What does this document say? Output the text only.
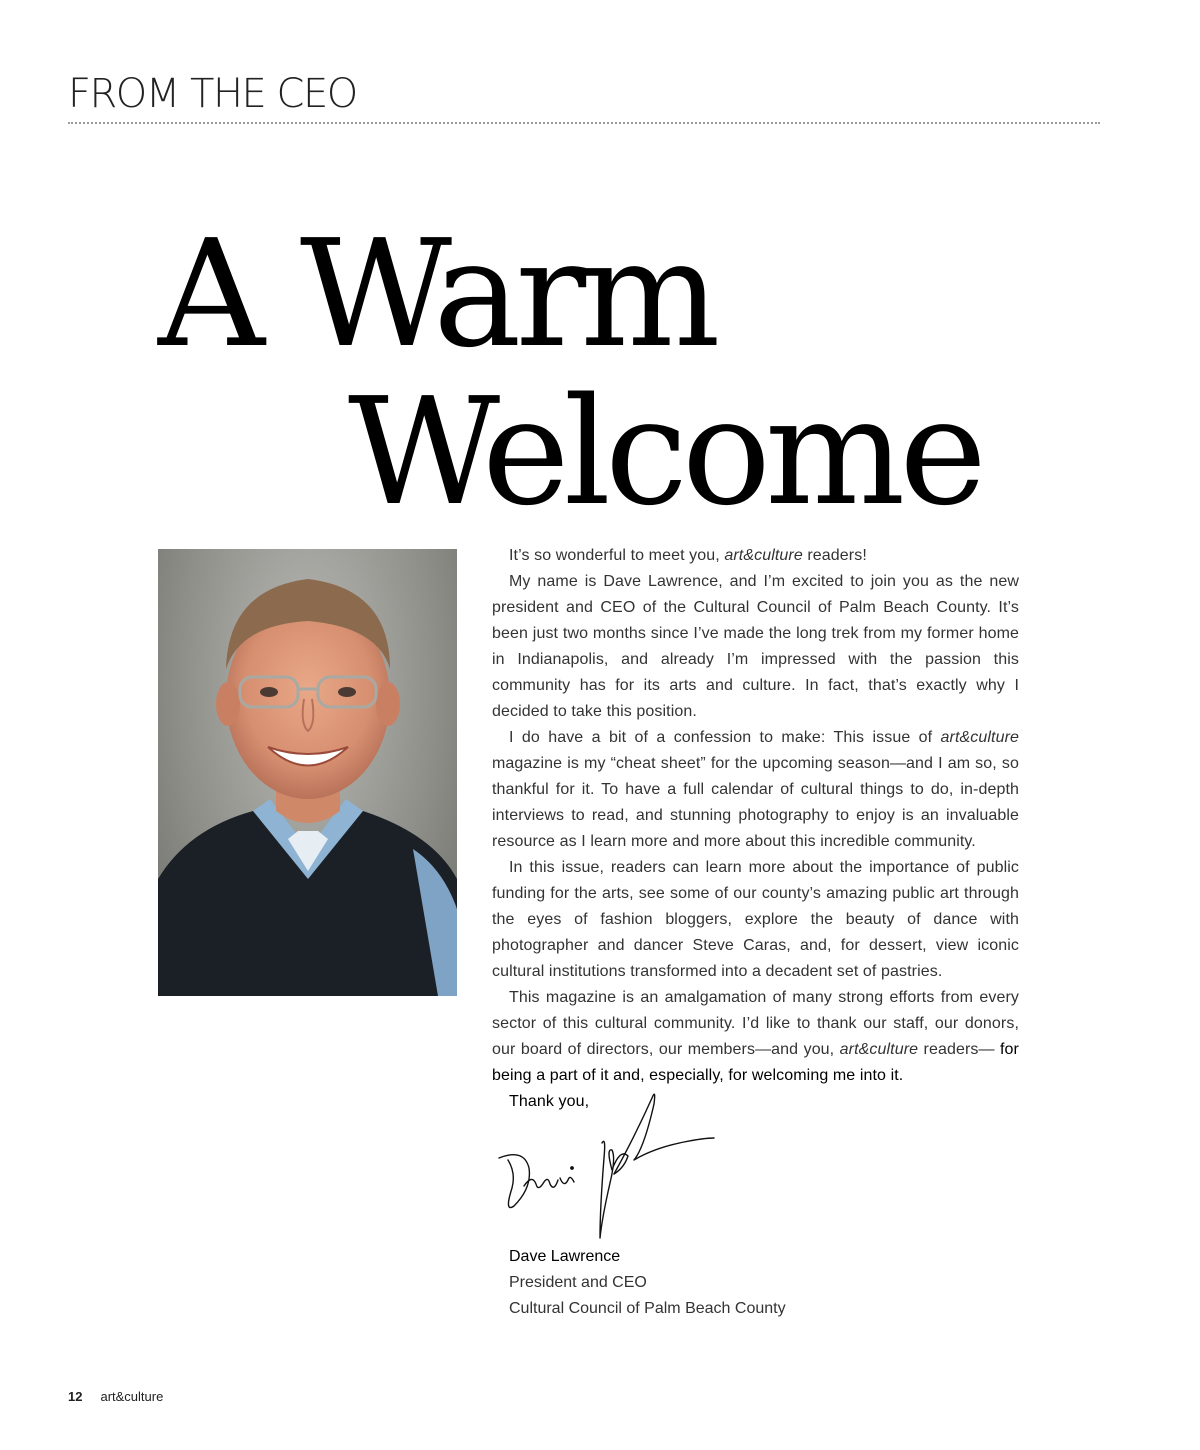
FROM THE CEO
A Warm
Welcome

It’s so wonderful to meet you, art&culture readers!

My name is Dave Lawrence, and I’m excited to join you as the new president and CEO of the Cultural Council of Palm Beach County. It’s been just two months since I’ve made the long trek from my former home in Indianapolis, and already I’m impressed with the passion this community has for its arts and culture. In fact, that’s exactly why I decided to take this position.

I do have a bit of a confession to make: This issue of art&culture magazine is my “cheat sheet” for the upcoming season—and I am so, so thankful for it. To have a full calendar of cultural things to do, in-depth interviews to read, and stunning photography to enjoy is an invaluable resource as I learn more and more about this incredible community.

In this issue, readers can learn more about the importance of public funding for the arts, see some of our county’s amazing public art through the eyes of fashion bloggers, explore the beauty of dance with photographer and dancer Steve Caras, and, for dessert, view iconic cultural institutions transformed into a decadent set of pastries.

This magazine is an amalgamation of many strong efforts from every sector of this cultural community. I’d like to thank our staff, our donors, our board of directors, our members—and you, art&culture readers— for being a part of it and, especially, for welcoming me into it.

Thank you,

Dave Lawrence
President and CEO
Cultural Council of Palm Beach County
12 art&culture
